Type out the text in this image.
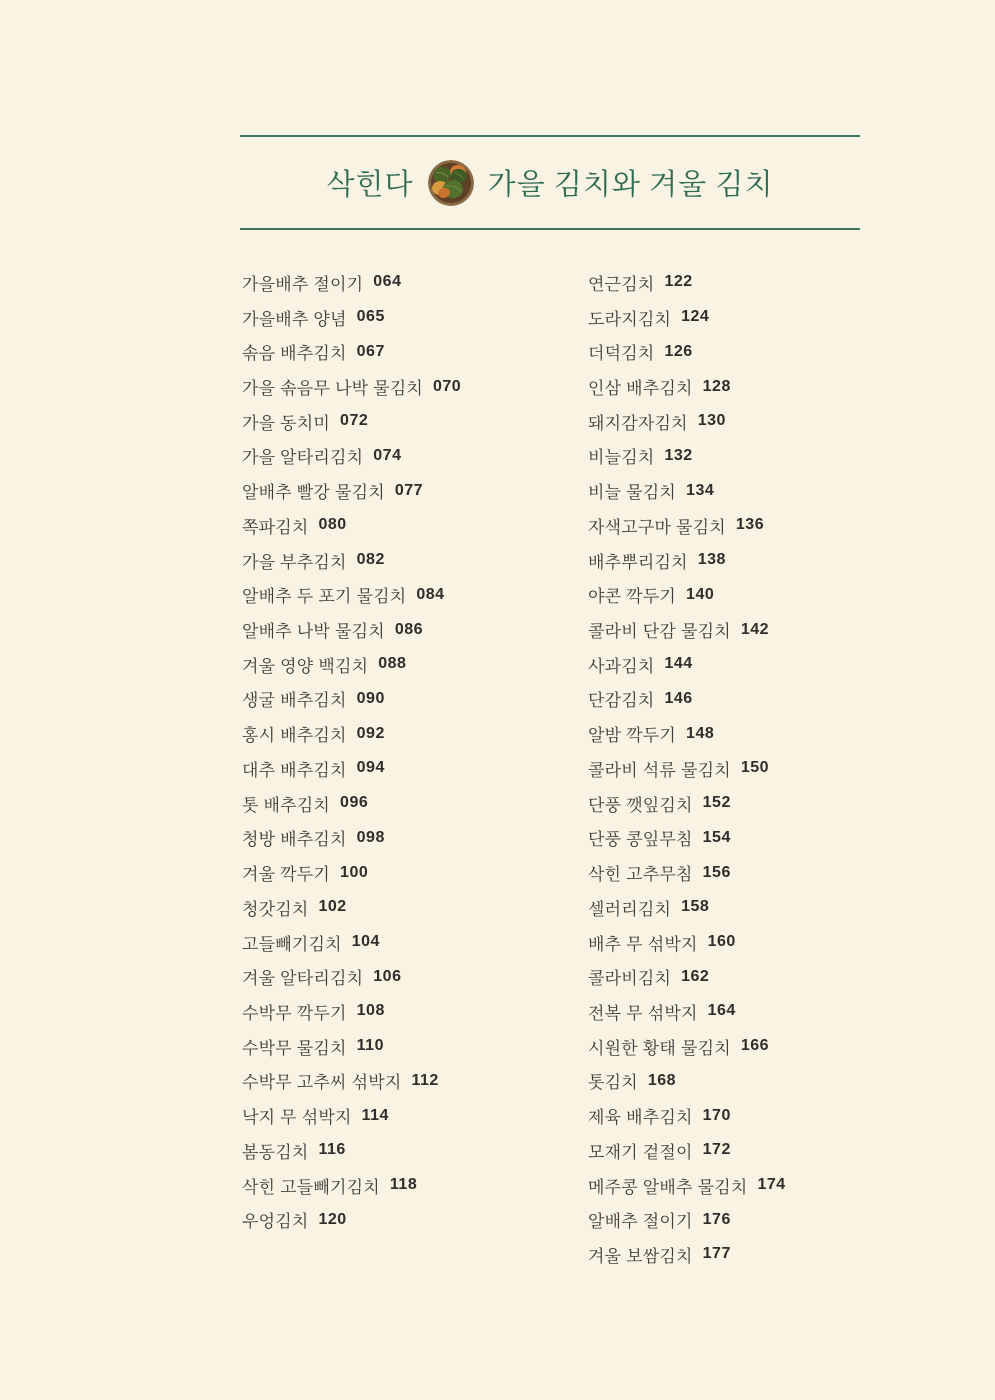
삭힌다	가을 김치와 겨울 김치
가을배추 절이기 064
가을배추 양념 065
솎음 배추김치 067
가을 솎음무 나박 물김치 070
가을 동치미 072
가을 알타리김치 074
알배추 빨강 물김치 077
쪽파김치 080
가을 부추김치 082
알배추 두 포기 물김치 084
알배추 나박 물김치 086
겨울 영양 백김치 088
생굴 배추김치 090
홍시 배추김치 092
대추 배추김치 094
톳 배추김치 096
청방 배추김치 098
겨울 깍두기 100
청갓김치 102
고들빼기김치 104
겨울 알타리김치 106
수박무 깍두기 108
수박무 물김치 110
수박무 고추씨 섞박지 112
낙지 무 섞박지 114
봄동김치 116
삭힌 고들빼기김치 118
우엉김치 120
연근김치 122
도라지김치 124
더덕김치 126
인삼 배추김치 128
돼지감자김치 130
비늘김치 132
비늘 물김치 134
자색고구마 물김치 136
배추뿌리김치 138
야콘 깍두기 140
콜라비 단감 물김치 142
사과김치 144
단감김치 146
알밤 깍두기 148
콜라비 석류 물김치 150
단풍 깻잎김치 152
단풍 콩잎무침 154
삭힌 고추무침 156
셀러리김치 158
배추 무 섞박지 160
콜라비김치 162
전복 무 섞박지 164
시원한 황태 물김치 166
톳김치 168
제육 배추김치 170
모재기 겉절이 172
메주콩 알배추 물김치 174
알배추 절이기 176
겨울 보쌈김치 177
